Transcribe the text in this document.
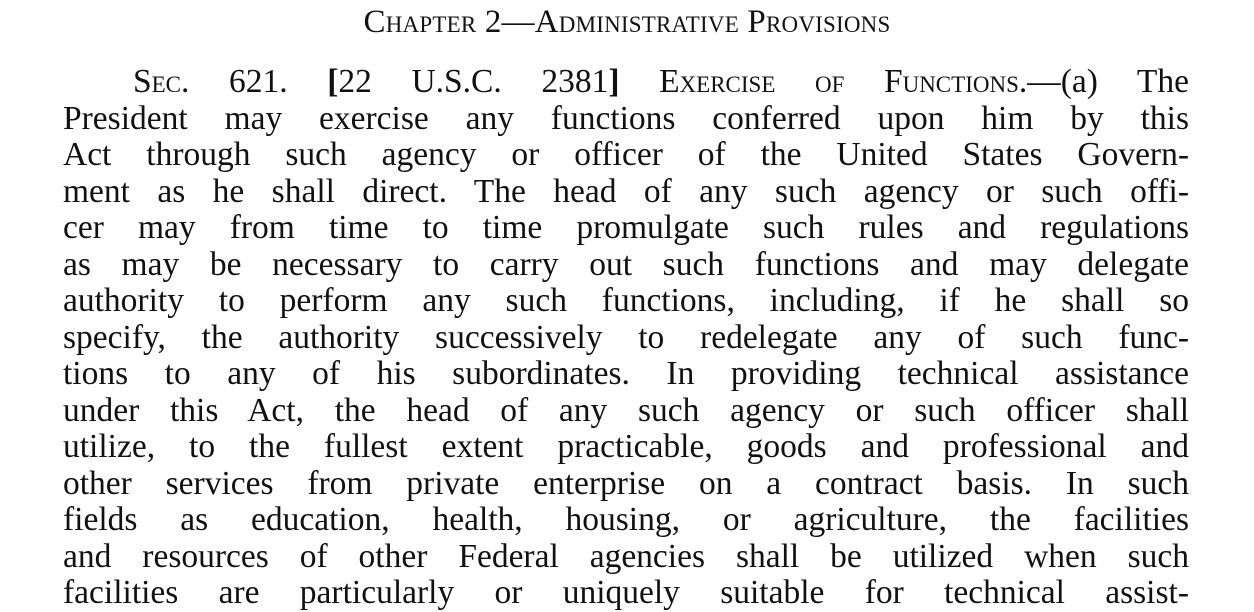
Chapter 2—Administrative Provisions
Sec. 621. [22 U.S.C. 2381] Exercise of Functions.—(a) The
President may exercise any functions conferred upon him by this
Act through such agency or officer of the United States Govern-
ment as he shall direct. The head of any such agency or such offi-
cer may from time to time promulgate such rules and regulations
as may be necessary to carry out such functions and may delegate
authority to perform any such functions, including, if he shall so
specify, the authority successively to redelegate any of such func-
tions to any of his subordinates. In providing technical assistance
under this Act, the head of any such agency or such officer shall
utilize, to the fullest extent practicable, goods and professional and
other services from private enterprise on a contract basis. In such
fields as education, health, housing, or agriculture, the facilities
and resources of other Federal agencies shall be utilized when such
facilities are particularly or uniquely suitable for technical assist-
